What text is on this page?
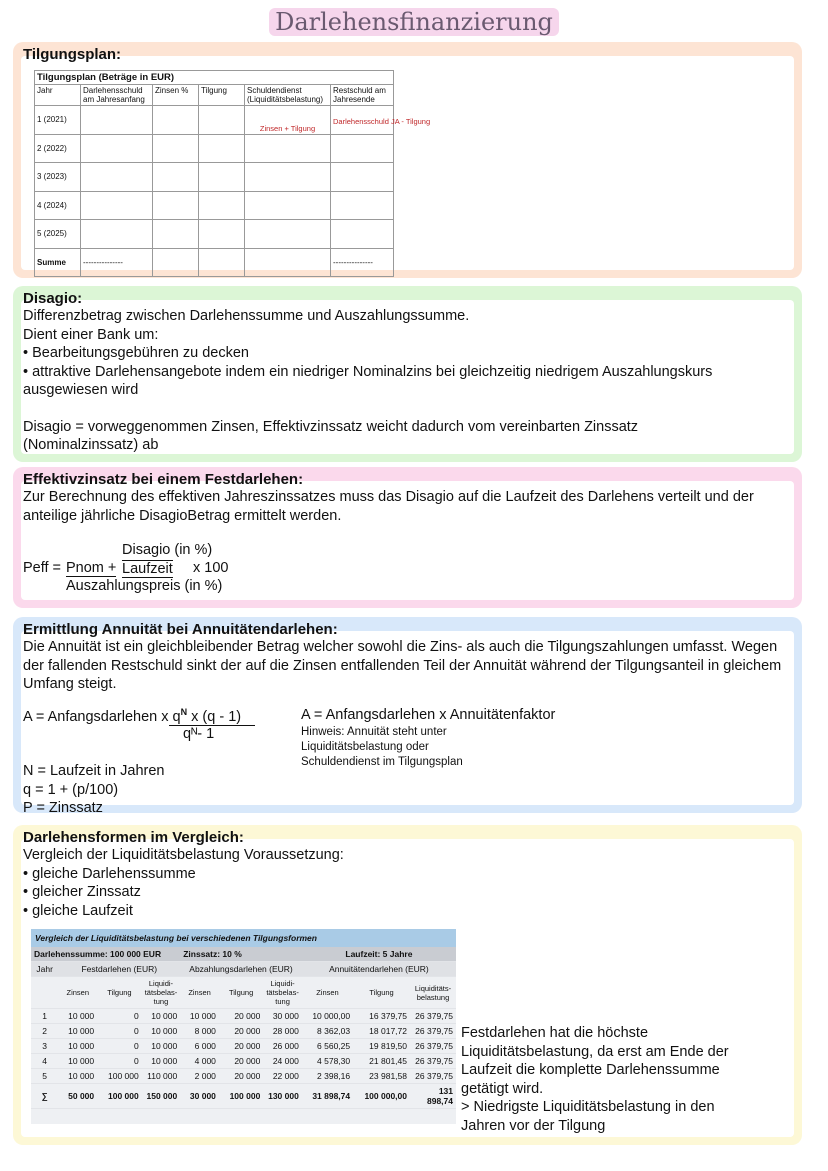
Darlehensfinanzierung
Tilgungsplan:
Tilgungsplan (Beträge in EUR)					
Jahr	Darlehensschuld am Jahresanfang	Zinsen %	Tilgung	Schuldendienst (Liquiditätsbelastung)	Restschuld am Jahresende
1 (2021)				Zinsen + Tilgung	Darlehensschuld JA - Tilgung

2 (2022)					
3 (2023)					
4 (2024)					
5 (2025)					
Summe	---------------				---------------
Disagio:
Differenzbetrag zwischen Darlehenssumme und Auszahlungssumme.
Dient einer Bank um:
• Bearbeitungsgebühren zu decken
• attraktive Darlehensangebote indem ein niedriger Nominalzins bei gleichzeitig niedrigem Auszahlungskurs ausgewiesen wird
Disagio = vorweggenommen Zinsen, Effektivzinssatz weicht dadurch vom vereinbarten Zinssatz (Nominalzinssatz) ab
Effektivzinsatz bei einem Festdarlehen:
Zur Berechnung des effektiven Jahreszinssatzes muss das Disagio auf die Laufzeit des Darlehens verteilt und der anteilige jährliche DisagioBetrag ermittelt werden.
Disagio (in %)
Peff = Pnom + Laufzeit x 100
Auszahlungspreis (in %)
Ermittlung Annuität bei Annuitätendarlehen:
Die Annuität ist ein gleichbleibender Betrag welcher sowohl die Zins- als auch die Tilgungszahlungen umfasst. Wegen der fallenden Restschuld sinkt der auf die Zinsen entfallenden Teil der Annuität während der Tilgungsanteil in gleichem Umfang steigt.
A = Anfangsdarlehen x $q^N$ x (q - 1)
qᴺ- 1
A = Anfangsdarlehen x Annuitätenfaktor
Hinweis: Annuität steht unter
Liquiditätsbelastung oder
Schuldendienst im Tilgungsplan
N = Laufzeit in Jahren
q = 1 + (p/100)
P = Zinssatz
Darlehensformen im Vergleich:
Vergleich der Liquiditätsbelastung Voraussetzung:
• gleiche Darlehenssumme
• gleicher Zinssatz
• gleiche Laufzeit
Vergleich der Liquiditätsbelastung bei verschiedenen Tilgungsformen
Darlehenssumme: 100 000 EUR				Zinssatz: 10 %			Laufzeit: 5 Jahre		
Jahr	Festdarlehen (EUR)			Abzahlungsdarlehen (EUR)			Annuitätendarlehen (EUR)		
	Zinsen	Tilgung	Liquidi-tätsbelas-tung	Zinsen	Tilgung	Liquidi-tätsbelas-tung	Zinsen	Tilgung	Liquiditäts-belastung
1	10 000	0	10 000	10 000	20 000	30 000	10 000,00	16 379,75	26 379,75
2	10 000	0	10 000	8 000	20 000	28 000	8 362,03	18 017,72	26 379,75
3	10 000	0	10 000	6 000	20 000	26 000	6 560,25	19 819,50	26 379,75
4	10 000	0	10 000	4 000	20 000	24 000	4 578,30	21 801,45	26 379,75
5	10 000	100 000	110 000	2 000	20 000	22 000	2 398,16	23 981,58	26 379,75
∑	50 000	100 000	150 000	30 000	100 000	130 000	31 898,74	100 000,00	131 898,74
Festdarlehen hat die höchste Liquiditätsbelastung, da erst am Ende der Laufzeit die komplette Darlehenssumme getätigt wird.
> Niedrigste Liquiditätsbelastung in den Jahren vor der Tilgung
